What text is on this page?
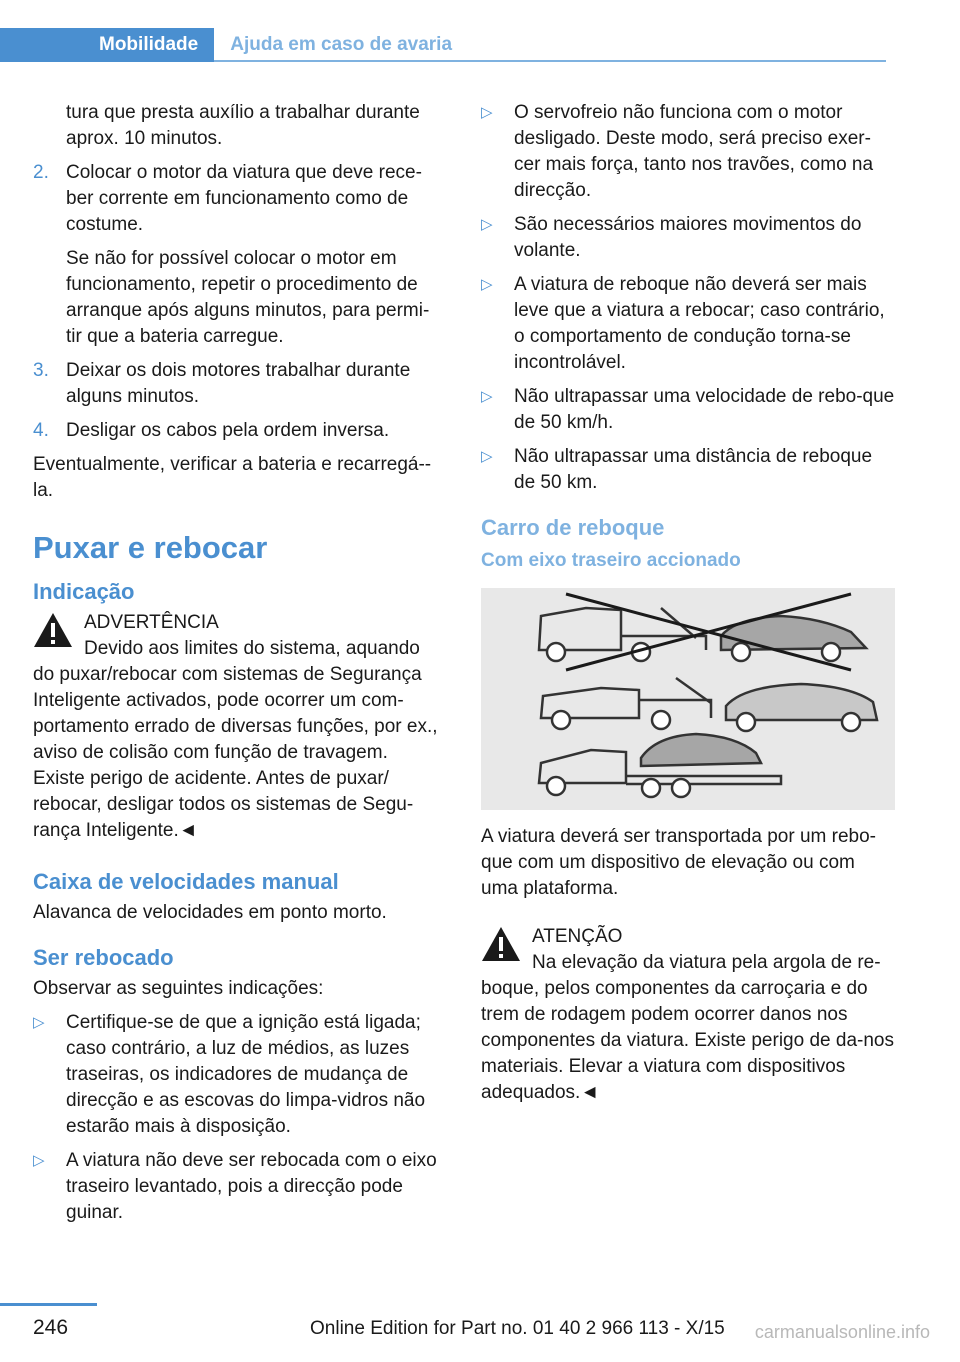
Mobilidade	Ajuda em caso de avaria
tura que presta auxílio a trabalhar durante aprox. 10 minutos.
2. Colocar o motor da viatura que deve rece-ber corrente em funcionamento como de costume.
Se não for possível colocar o motor em funcionamento, repetir o procedimento de arranque após alguns minutos, para permi-tir que a bateria carregue.
3. Deixar os dois motores trabalhar durante alguns minutos.
4. Desligar os cabos pela ordem inversa.

Eventualmente, verificar a bateria e recarregá--la.

Puxar e rebocar
Indicação
ADVERTÊNCIA

Devido aos limites do sistema, aquando do puxar/rebocar com sistemas de Segurança Inteligente activados, pode ocorrer um com-portamento errado de diversas funções, por ex., aviso de colisão com função de travagem. Existe perigo de acidente. Antes de puxar/ rebocar, desligar todos os sistemas de Segu-rança Inteligente.◄

Caixa de velocidades manual

Alavanca de velocidades em ponto morto.

Ser rebocado

Observar as seguintes indicações:

▷	Certifique-se de que a ignição está ligada; caso contrário, a luz de médios, as luzes traseiras, os indicadores de mudança de direcção e as escovas do limpa-vidros não estarão mais à disposição.
▷	A viatura não deve ser rebocada com o eixo traseiro levantado, pois a direcção pode guinar.
▷	O servofreio não funciona com o motor desligado. Deste modo, será preciso exer-cer mais força, tanto nos travões, como na direcção.
▷	São necessários maiores movimentos do volante.
▷	A viatura de reboque não deverá ser mais leve que a viatura a rebocar; caso contrário, o comportamento de condução torna-se incontrolável.
▷	Não ultrapassar uma velocidade de rebo-que de 50 km/h.
▷	Não ultrapassar uma distância de reboque de 50 km.
Carro de reboque
Com eixo traseiro accionado

A viatura deverá ser transportada por um rebo-que com um dispositivo de elevação ou com uma plataforma.

ATENÇÃO

Na elevação da viatura pela argola de re-boque, pelos componentes da carroçaria e do trem de rodagem podem ocorrer danos nos componentes da viatura. Existe perigo de da-nos materiais. Elevar a viatura com dispositivos adequados.◄

246	Online Edition for Part no. 01 40 2 966 113 - X/15 carmanualsonline.info
